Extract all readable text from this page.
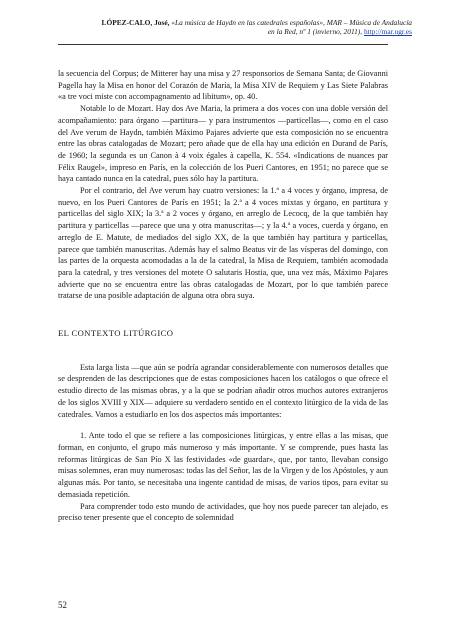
LÓPEZ-CALO, José, «La música de Haydn en las catedrales españolas», MAR – Música de Andalucía
en la Red, nº 1 (invierno, 2011), http://mar.ugr.es

la secuencia del Corpus; de Mitterer hay una misa y 27 responsorios de Semana Santa; de Giovanni Pagella hay la Misa en honor del Corazón de María, la Misa XIV de Requiem y Las Siete Palabras «a tre voci miste con accompagnamento ad libitum», op. 40.

Notable lo de Mozart. Hay dos Ave Maria, la primera a dos voces con una doble versión del acompañamiento: para órgano —partitura— y para instrumentos —particellas—, como en el caso del Ave verum de Haydn, también Máximo Pajares advierte que esta composición no se encuentra entre las obras catalogadas de Mozart; pero añade que de ella hay una edición en Durand de París, de 1960; la segunda es un Canon à 4 voix égales à capella, K. 554. «Indications de nuances par Félix Raugel», impreso en París, en la colección de los Pueri Cantores, en 1951; no parece que se haya cantado nunca en la catedral, pues sólo hay la partitura.

Por el contrario, del Ave verum hay cuatro versiones: la 1.ª a 4 voces y órgano, impresa, de nuevo, en los Pueri Cantores de París en 1951; la 2.ª a 4 voces mixtas y órgano, en partitura y particellas del siglo XIX; la 3.ª a 2 voces y órgano, en arreglo de Lecocq, de la que también hay partitura y particellas —parece que una y otra manuscritas—; y la 4.ª a voces, cuerda y órgano, en arreglo de E. Matute, de mediados del siglo XX, de la que también hay partitura y particellas, parece que también manuscritas. Además hay el salmo Beatus vir de las vísperas del domingo, con las partes de la orquesta acomodadas a la de la catedral, la Misa de Requiem, también acomodada para la catedral, y tres versiones del motete O salutaris Hostia, que, una vez más, Máximo Pajares advierte que no se encuentra entre las obras catalogadas de Mozart, por lo que también parece tratarse de una posible adaptación de alguna otra obra suya.

EL CONTEXTO LITÚRGICO

Esta larga lista —que aún se podría agrandar considerablemente con numerosos detalles que se desprenden de las descripciones que de estas composiciones hacen los catálogos o que ofrece el estudio directo de las mismas obras, y a la que se podrían añadir otros muchos autores extranjeros de los siglos XVIII y XIX— adquiere su verdadero sentido en el contexto litúrgico de la vida de las catedrales. Vamos a estudiarlo en los dos aspectos más importantes:

1. Ante todo el que se refiere a las composiciones litúrgicas, y entre ellas a las misas, que forman, en conjunto, el grupo más numeroso y más importante. Y se comprende, pues hasta las reformas litúrgicas de San Pío X las festividades «de guardar», que, por tanto, llevaban consigo misas solemnes, eran muy numerosas: todas las del Señor, las de la Virgen y de los Apóstoles, y aun algunas más. Por tanto, se necesitaba una ingente cantidad de misas, de varios tipos, para evitar su demasiada repetición.

Para comprender todo esto mundo de actividades, que hoy nos puede parecer tan alejado, es preciso tener presente que el concepto de solemnidad

52
